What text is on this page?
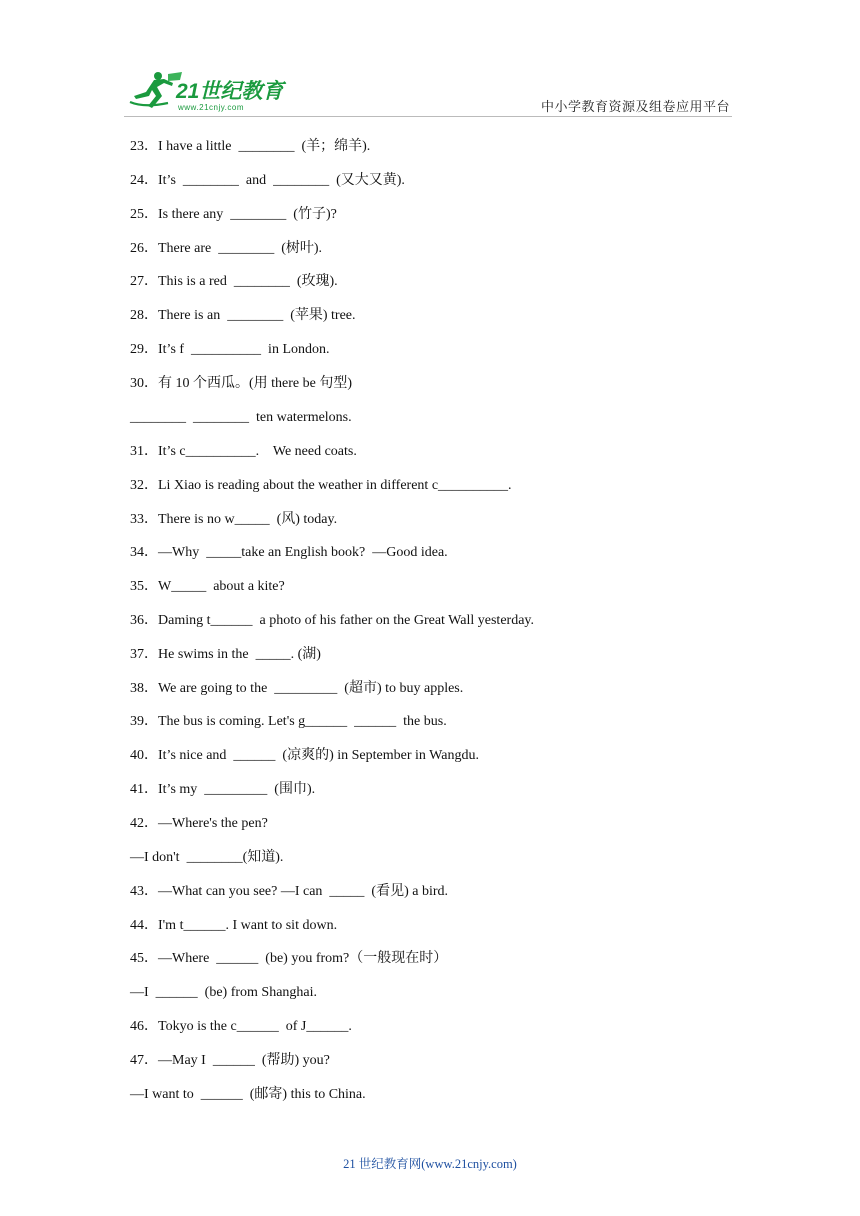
21世纪教育
www.21cnjy.com	中小学教育资源及组卷应用平台
23．I have a little  ________  (羊；绵羊).
24．It’s  ________  and  ________  (又大又黄).
25．Is there any  ________  (竹子)?
26．There are  ________  (树叶).
27．This is a red  ________  (玫瑰).
28．There is an  ________  (苹果) tree.
29．It’s f  __________  in London.
30．有 10 个西瓜。(用 there be 句型)
________  ________  ten watermelons.
31．It’s c__________.    We need coats.
32．Li Xiao is reading about the weather in different c__________.
33．There is no w_____  (风) today.
34．—Why  _____take an English book?  —Good idea.
35．W_____  about a kite?
36．Daming t______  a photo of his father on the Great Wall yesterday.
37．He swims in the  _____. (湖)
38．We are going to the  _________  (超市) to buy apples.
39．The bus is coming. Let's g______  ______  the bus.
40．It’s nice and  ______  (凉爽的) in September in Wangdu.
41．It’s my  _________  (围巾).
42．—Where's the pen?
—I don't  ________(知道).
43．—What can you see? —I can  _____  (看见) a bird.
44．I'm t______. I want to sit down.
45．—Where  ______  (be) you from?（一般现在时）
—I  ______  (be) from Shanghai.
46．Tokyo is the c______  of J______.
47．—May I  ______  (帮助) you?
—I want to  ______  (邮寄) this to China.
21 世纪教育网(www.21cnjy.com)
